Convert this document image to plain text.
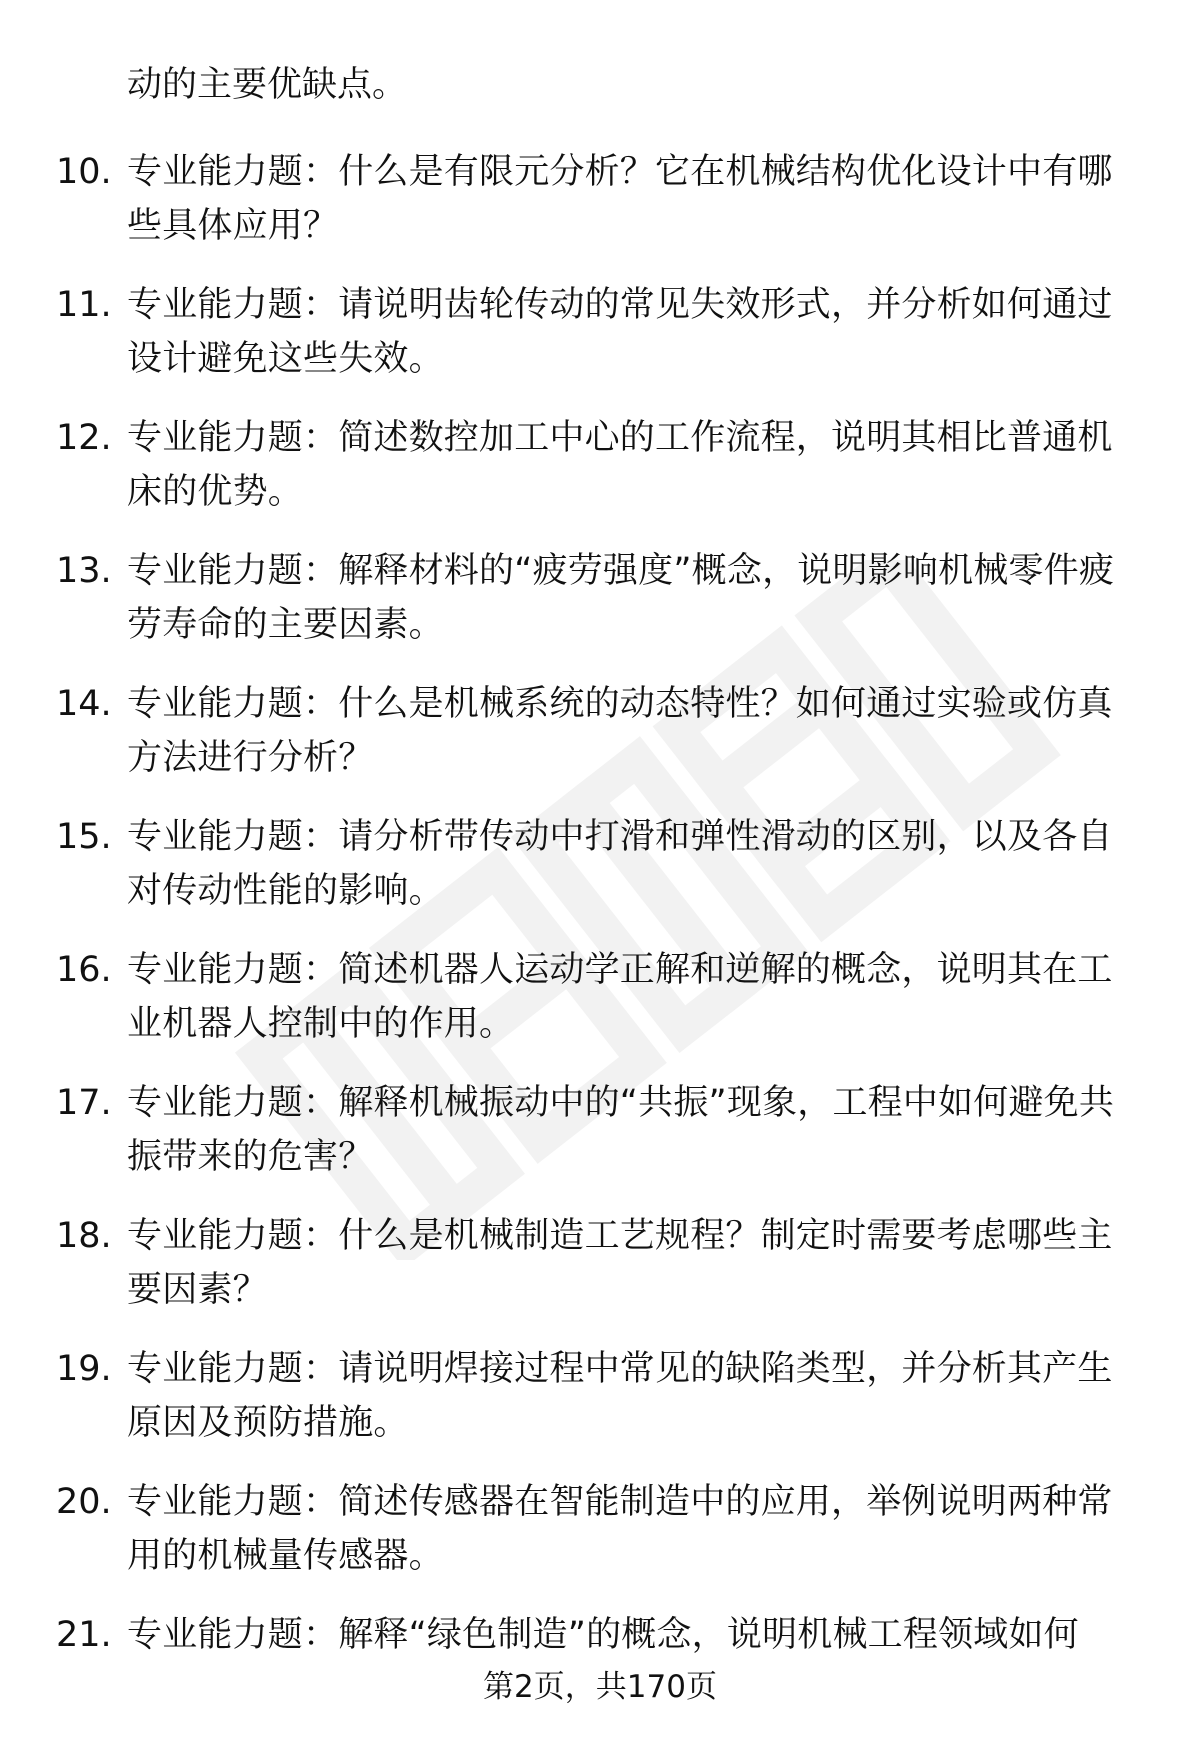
动的主要优缺点。

10. 专业能力题：什么是有限元分析？它在机械结构优化设计中有哪些具体应用？
11. 专业能力题：请说明齿轮传动的常见失效形式，并分析如何通过设计避免这些失效。
12. 专业能力题：简述数控加工中心的工作流程，说明其相比普通机床的优势。
13. 专业能力题：解释材料的“疲劳强度”概念，说明影响机械零件疲劳寿命的主要因素。
14. 专业能力题：什么是机械系统的动态特性？如何通过实验或仿真方法进行分析？
15. 专业能力题：请分析带传动中打滑和弹性滑动的区别，以及各自对传动性能的影响。
16. 专业能力题：简述机器人运动学正解和逆解的概念，说明其在工业机器人控制中的作用。
17. 专业能力题：解释机械振动中的“共振”现象，工程中如何避免共振带来的危害？
18. 专业能力题：什么是机械制造工艺规程？制定时需要考虑哪些主要因素？
19. 专业能力题：请说明焊接过程中常见的缺陷类型，并分析其产生原因及预防措施。
20. 专业能力题：简述传感器在智能制造中的应用，举例说明两种常用的机械量传感器。
21. 专业能力题：解释“绿色制造”的概念，说明机械工程领域如何
第2页，共170页
